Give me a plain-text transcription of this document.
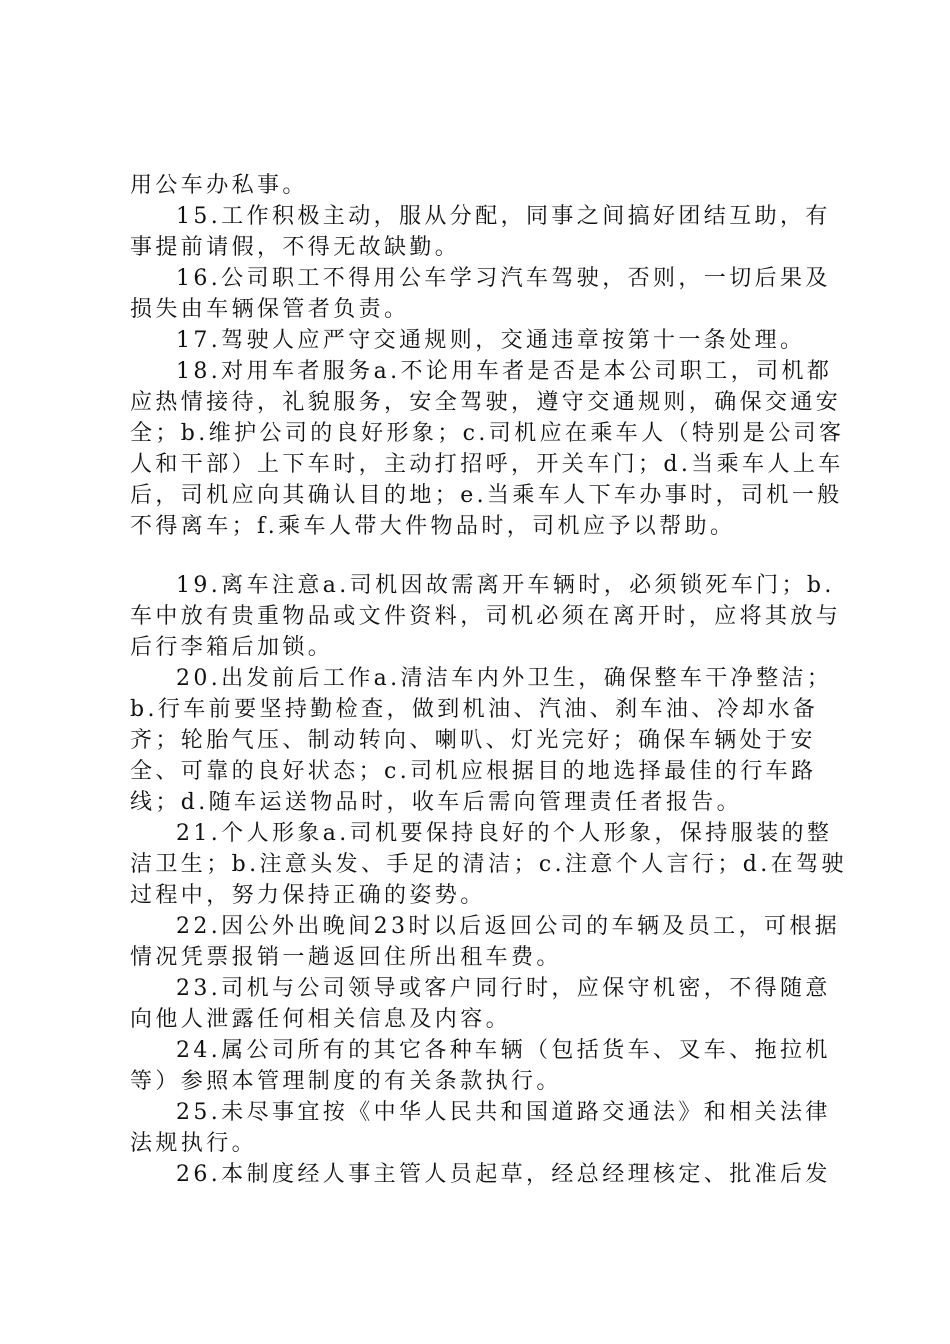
用公车办私事。

15.工作积极主动，服从分配，同事之间搞好团结互助，有事提前请假，不得无故缺勤。

16.公司职工不得用公车学习汽车驾驶，否则，一切后果及损失由车辆保管者负责。

17.驾驶人应严守交通规则，交通违章按第十一条处理。

18.对用车者服务a.不论用车者是否是本公司职工，司机都应热情接待，礼貌服务，安全驾驶，遵守交通规则，确保交通安全；b.维护公司的良好形象；c.司机应在乘车人（特别是公司客人和干部）上下车时，主动打招呼，开关车门；d.当乘车人上车后，司机应向其确认目的地；e.当乘车人下车办事时，司机一般不得离车；f.乘车人带大件物品时，司机应予以帮助。

19.离车注意a.司机因故需离开车辆时，必须锁死车门；b.车中放有贵重物品或文件资料，司机必须在离开时，应将其放与后行李箱后加锁。

20.出发前后工作a.清洁车内外卫生，确保整车干净整洁；b.行车前要坚持勤检查，做到机油、汽油、刹车油、冷却水备齐；轮胎气压、制动转向、喇叭、灯光完好；确保车辆处于安全、可靠的良好状态；c.司机应根据目的地选择最佳的行车路线；d.随车运送物品时，收车后需向管理责任者报告。

21.个人形象a.司机要保持良好的个人形象，保持服装的整洁卫生；b.注意头发、手足的清洁；c.注意个人言行；d.在驾驶过程中，努力保持正确的姿势。

22.因公外出晚间23时以后返回公司的车辆及员工，可根据情况凭票报销一趟返回住所出租车费。

23.司机与公司领导或客户同行时，应保守机密，不得随意向他人泄露任何相关信息及内容。

24.属公司所有的其它各种车辆（包括货车、叉车、拖拉机等）参照本管理制度的有关条款执行。

25.未尽事宜按《中华人民共和国道路交通法》和相关法律法规执行。

26.本制度经人事主管人员起草，经总经理核定、批准后发
